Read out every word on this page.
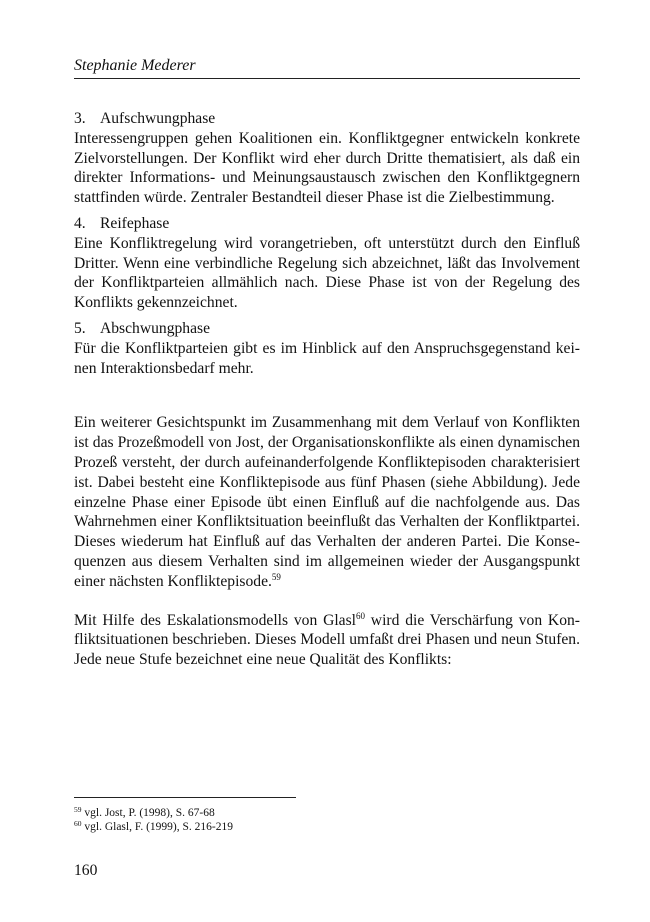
Stephanie Mederer

3. Aufschwungphase

Interessengruppen gehen Koalitionen ein. Konfliktgegner entwickeln konkrete Zielvorstellungen. Der Konflikt wird eher durch Dritte thematisiert, als daß ein direkter Informations- und Meinungsaustausch zwischen den Konfliktgegnern stattfinden würde. Zentraler Bestandteil dieser Phase ist die Zielbestimmung.

4. Reifephase

Eine Konfliktregelung wird vorangetrieben, oft unterstützt durch den Einfluß Dritter. Wenn eine verbindliche Regelung sich abzeichnet, läßt das Involvement der Konfliktparteien allmählich nach. Diese Phase ist von der Regelung des Konflikts gekennzeichnet.

5. Abschwungphase

Für die Konfliktparteien gibt es im Hinblick auf den Anspruchsgegenstand keinen Interaktionsbedarf mehr.

Ein weiterer Gesichtspunkt im Zusammenhang mit dem Verlauf von Konflikten ist das Prozeßmodell von Jost, der Organisationskonflikte als einen dynamischen Prozeß versteht, der durch aufeinanderfolgende Konfliktepisoden charakterisiert ist. Dabei besteht eine Konfliktepisode aus fünf Phasen (siehe Abbildung). Jede einzelne Phase einer Episode übt einen Einfluß auf die nachfolgende aus. Das Wahrnehmen einer Konfliktsituation beeinflußt das Verhalten der Konfliktpartei. Dieses wiederum hat Einfluß auf das Verhalten der anderen Partei. Die Konsequenzen aus diesem Verhalten sind im allgemeinen wieder der Ausgangspunkt einer nächsten Konfliktepisode.$^{59}$

Mit Hilfe des Eskalationsmodells von Glasl$^{60}$ wird die Verschärfung von Konfliktsituationen beschrieben. Dieses Modell umfaßt drei Phasen und neun Stufen. Jede neue Stufe bezeichnet eine neue Qualität des Konflikts:

$^{59}$ vgl. Jost, P. (1998), S. 67-68
$^{60}$ vgl. Glasl, F. (1999), S. 216-219
160
